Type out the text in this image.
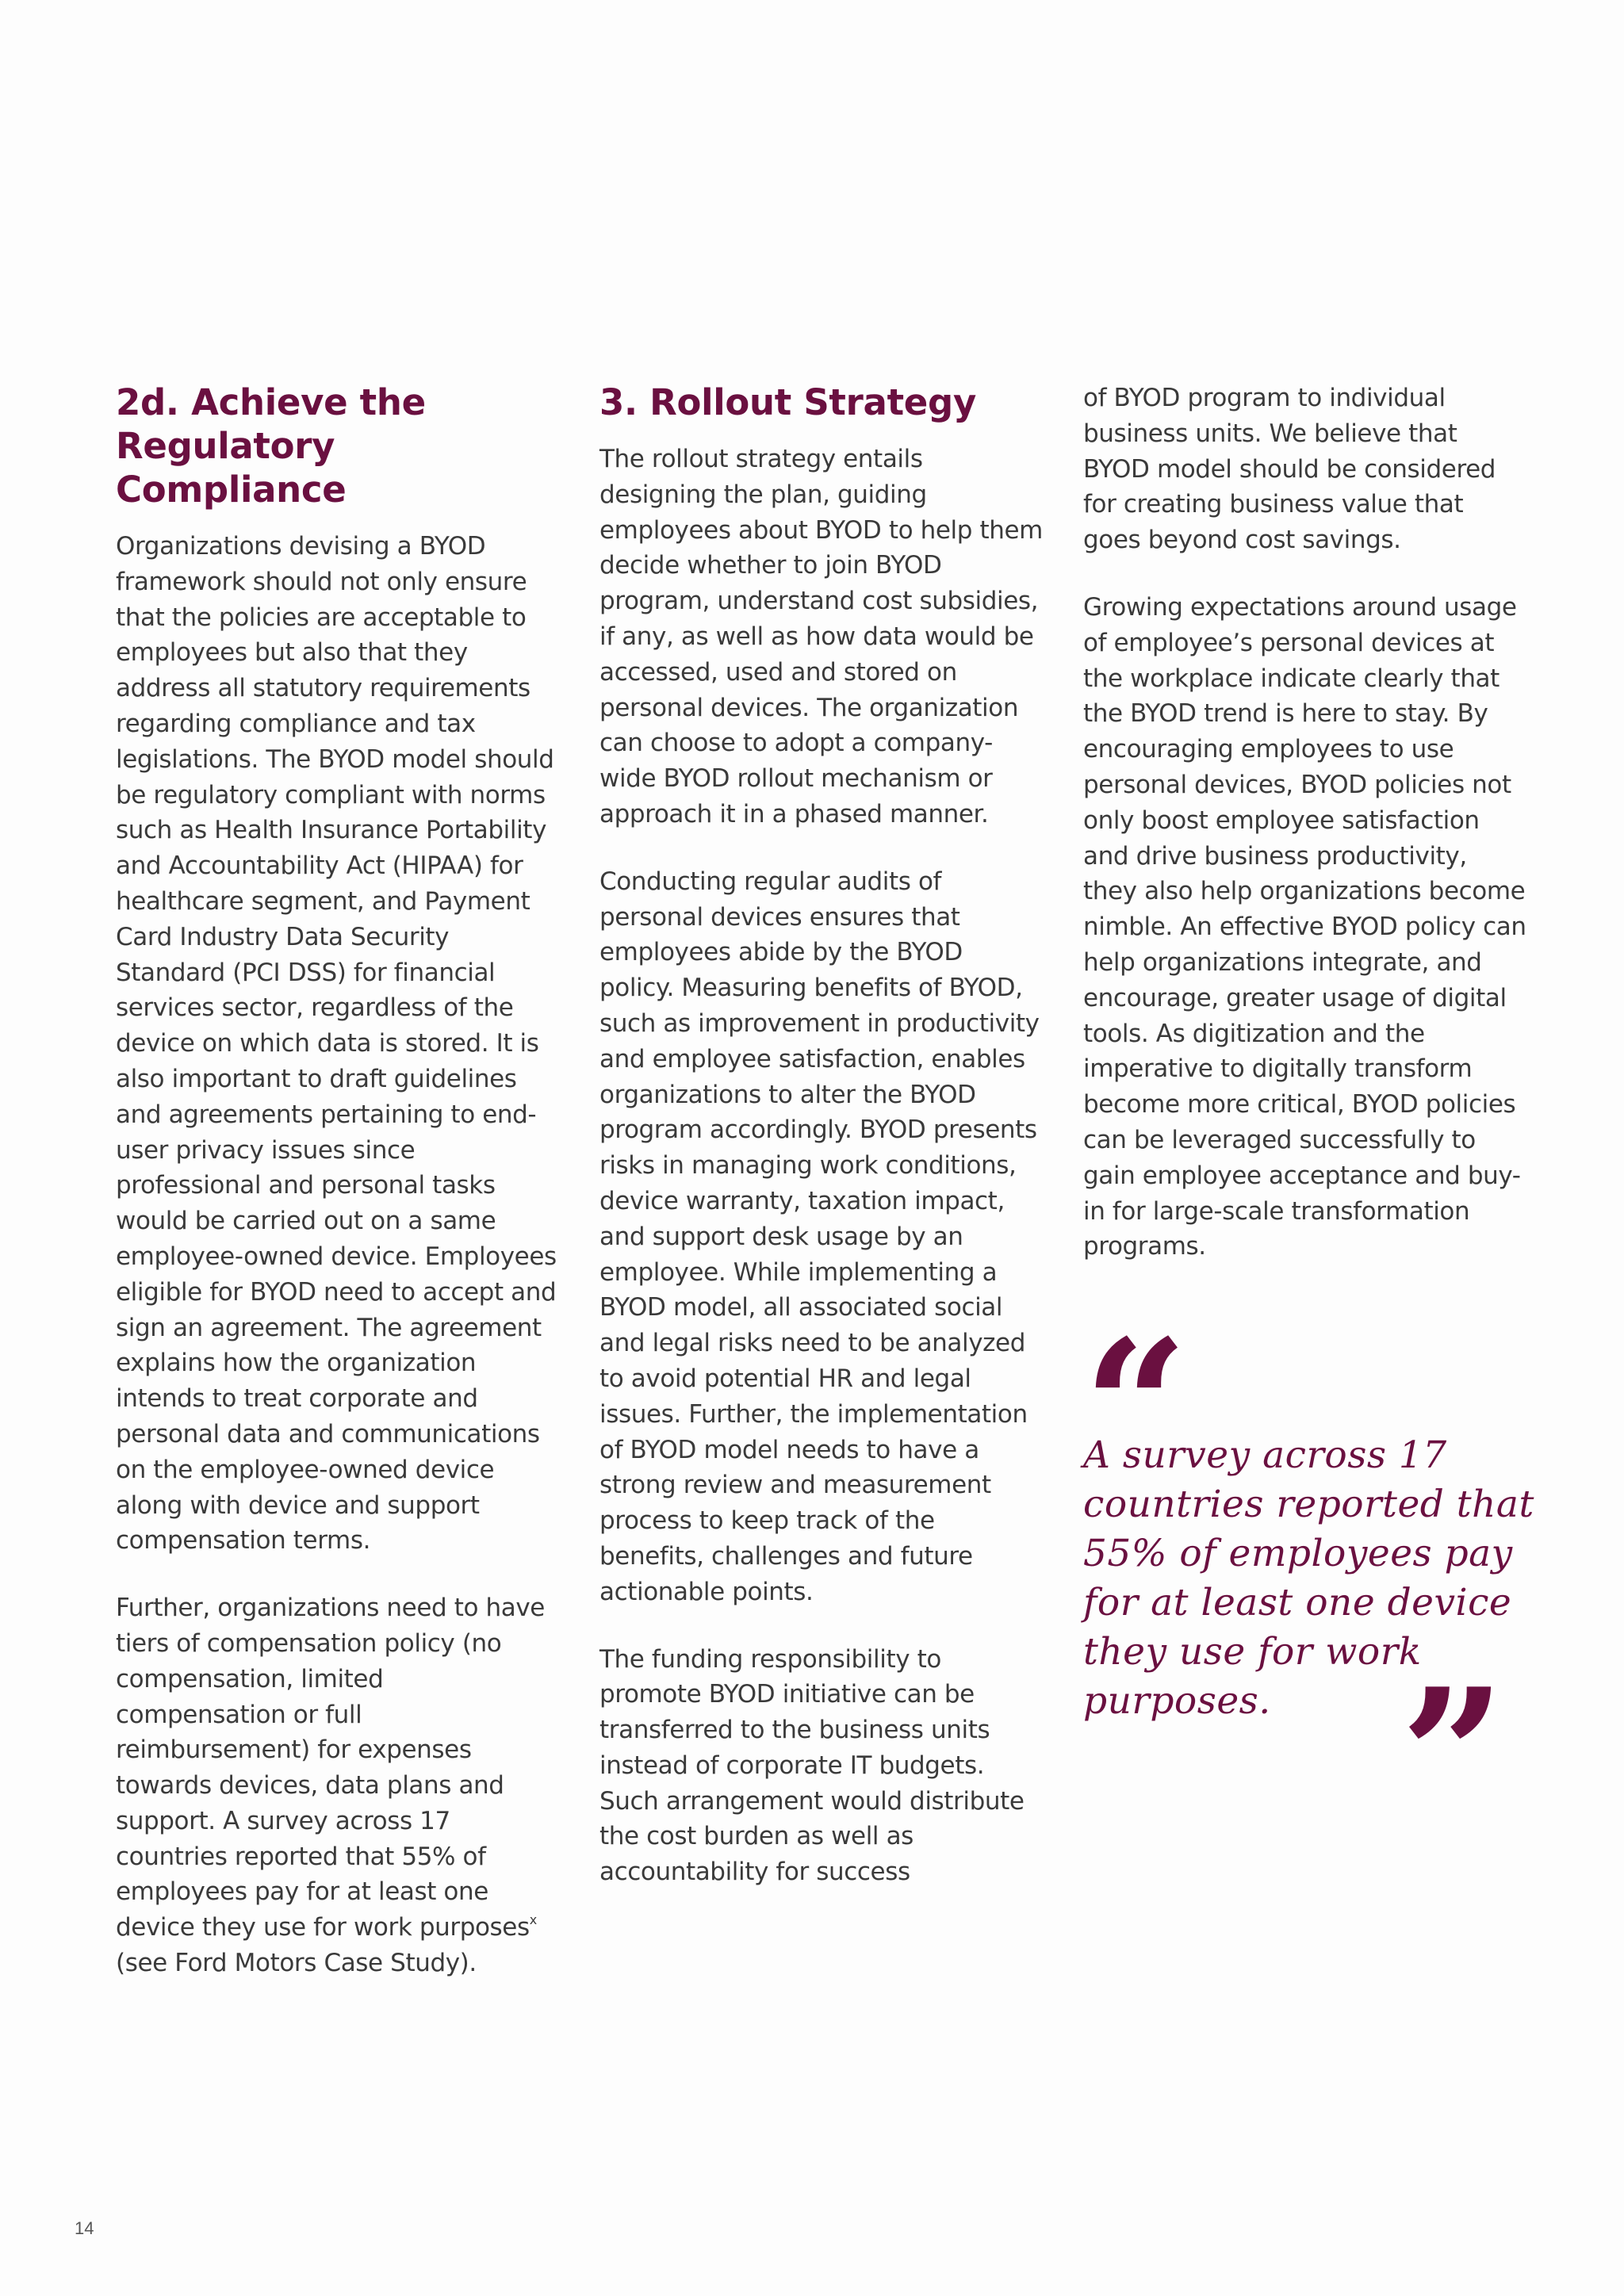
2d. Achieve the Regulatory Compliance

Organizations devising a BYOD framework should not only ensure that the policies are acceptable to employees but also that they address all statutory requirements regarding compliance and tax legislations. The BYOD model should be regulatory compliant with norms such as Health Insurance Portability and Accountability Act (HIPAA) for healthcare segment, and Payment Card Industry Data Security Standard (PCI DSS) for financial services sector, regardless of the device on which data is stored. It is also important to draft guidelines and agreements pertaining to end-user privacy issues since professional and personal tasks would be carried out on a same employee-owned device. Employees eligible for BYOD need to accept and sign an agreement. The agreement explains how the organization intends to treat corporate and personal data and communications on the employee-owned device along with device and support compensation terms.

Further, organizations need to have tiers of compensation policy (no compensation, limited compensation or full reimbursement) for expenses towards devices, data plans and support. A survey across 17 countries reported that 55% of employees pay for at least one device they use for work purposes$^x$ (see Ford Motors Case Study).

3. Rollout Strategy

The rollout strategy entails designing the plan, guiding employees about BYOD to help them decide whether to join BYOD program, understand cost subsidies, if any, as well as how data would be accessed, used and stored on personal devices. The organization can choose to adopt a company-wide BYOD rollout mechanism or approach it in a phased manner.

Conducting regular audits of personal devices ensures that employees abide by the BYOD policy. Measuring benefits of BYOD, such as improvement in productivity and employee satisfaction, enables organizations to alter the BYOD program accordingly. BYOD presents risks in managing work conditions, device warranty, taxation impact, and support desk usage by an employee. While implementing a BYOD model, all associated social and legal risks need to be analyzed to avoid potential HR and legal issues. Further, the implementation of BYOD model needs to have a strong review and measurement process to keep track of the benefits, challenges and future actionable points.

The funding responsibility to promote BYOD initiative can be transferred to the business units instead of corporate IT budgets. Such arrangement would distribute the cost burden as well as accountability for success

of BYOD program to individual business units. We believe that BYOD model should be considered for creating business value that goes beyond cost savings.

Growing expectations around usage of employee’s personal devices at the workplace indicate clearly that the BYOD trend is here to stay. By encouraging employees to use personal devices, BYOD policies not only boost employee satisfaction and drive business productivity, they also help organizations become nimble. An effective BYOD policy can help organizations integrate, and encourage, greater usage of digital tools. As digitization and the imperative to digitally transform become more critical, BYOD policies can be leveraged successfully to gain employee acceptance and buy-in for large-scale transformation programs.

“

A survey across 17 countries reported that 55% of employees pay for at least one device they use for work purposes. ”
14
